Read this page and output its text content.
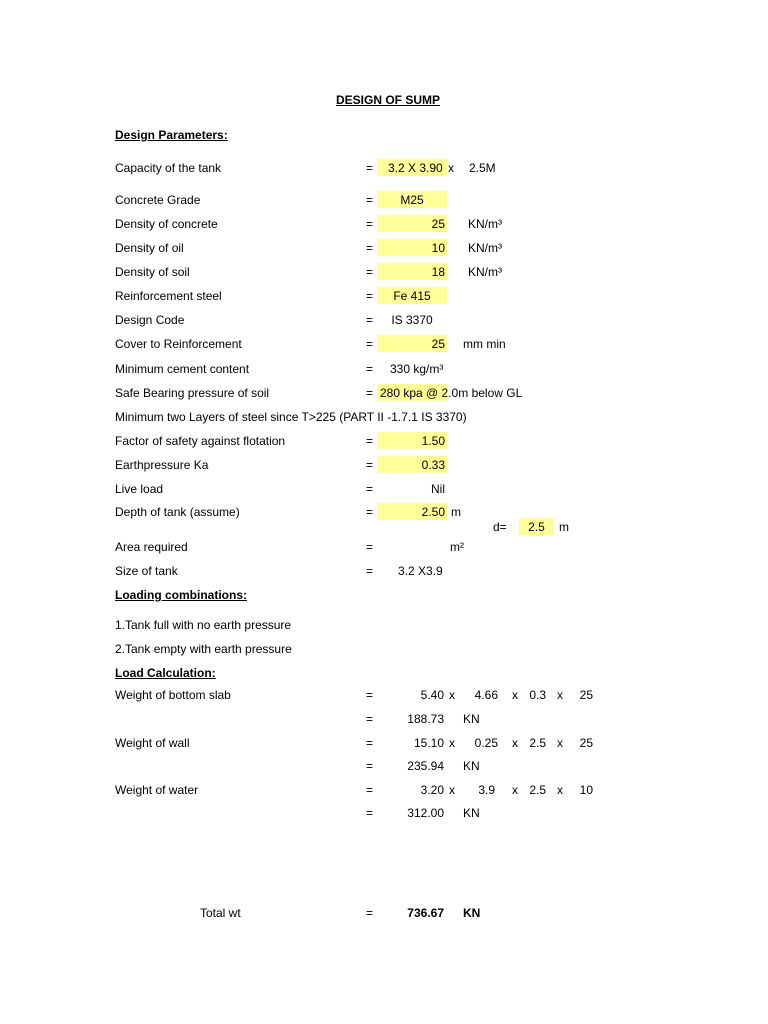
DESIGN OF SUMP
Design Parameters:
Capacity of the tank	= 3.2 X 3.90 x 2.5M
Concrete Grade	=	M25
Density of concrete	=	25 KN/m³
Density of oil	=	10 KN/m³
Density of soil	=	18 KN/m³
Reinforcement steel	=	Fe 415
Design Code	=	IS 3370
Cover to Reinforcement	=	25 mm min
Minimum cement content	= 330 kg/m³
Safe Bearing pressure of soil	= 280 kpa @ 2.0m below GL
Minimum two Layers of steel since T>225 (PART II -1.7.1 IS 3370)
Factor of safety against flotation	=	1.50
Earthpressure Ka	=	0.33
Live load	=	Nil
Depth of tank (assume)	=	2.50 m
d=	2.5	m
Area required	=	m²
Size of tank	= 3.2 X3.9
Loading combinations:
1.Tank full with no earth pressure
2.Tank empty with earth pressure
Load Calculation:
Weight of bottom slab	=	5.40 x	4.66 x 0.3 x	25
=	188.73 KN
Weight of wall	=	15.10 x	0.25 x 2.5 x	25
=	235.94 KN
Weight of water	=	3.20 x	3.9 x 2.5 x	10
=	312.00 KN
Total wt	=	736.67 KN
